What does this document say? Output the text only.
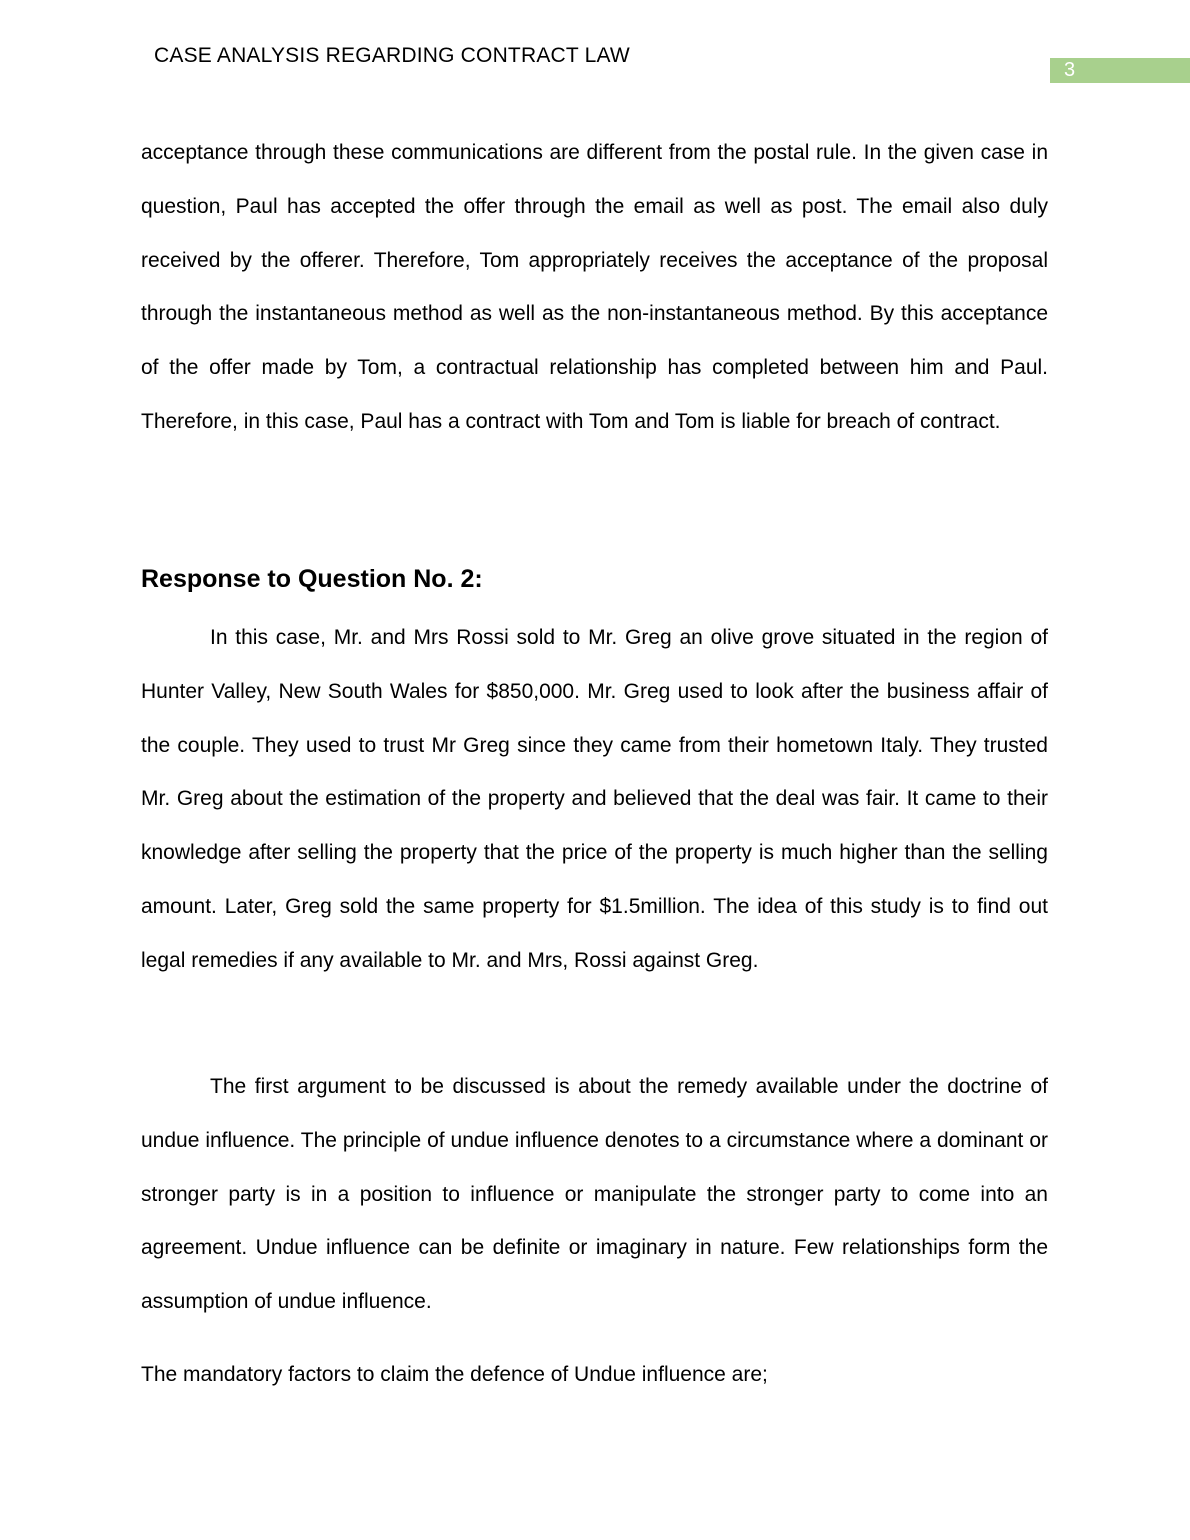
CASE ANALYSIS REGARDING CONTRACT LAW
3

acceptance through these communications are different from the postal rule. In the given case in question, Paul has accepted the offer through the email as well as post. The email also duly received by the offerer. Therefore, Tom appropriately receives the acceptance of the proposal through the instantaneous method as well as the non-instantaneous method. By this acceptance of the offer made by Tom, a contractual relationship has completed between him and Paul. Therefore, in this case, Paul has a contract with Tom and Tom is liable for breach of contract.

Response to Question No. 2:

In this case, Mr. and Mrs Rossi sold to Mr. Greg an olive grove situated in the region of Hunter Valley, New South Wales for $850,000. Mr. Greg used to look after the business affair of the couple. They used to trust Mr Greg since they came from their hometown Italy. They trusted Mr. Greg about the estimation of the property and believed that the deal was fair. It came to their knowledge after selling the property that the price of the property is much higher than the selling amount. Later, Greg sold the same property for $1.5million. The idea of this study is to find out legal remedies if any available to Mr. and Mrs, Rossi against Greg.

The first argument to be discussed is about the remedy available under the doctrine of undue influence. The principle of undue influence denotes to a circumstance where a dominant or stronger party is in a position to influence or manipulate the stronger party to come into an agreement. Undue influence can be definite or imaginary in nature. Few relationships form the assumption of undue influence.

The mandatory factors to claim the defence of Undue influence are;
